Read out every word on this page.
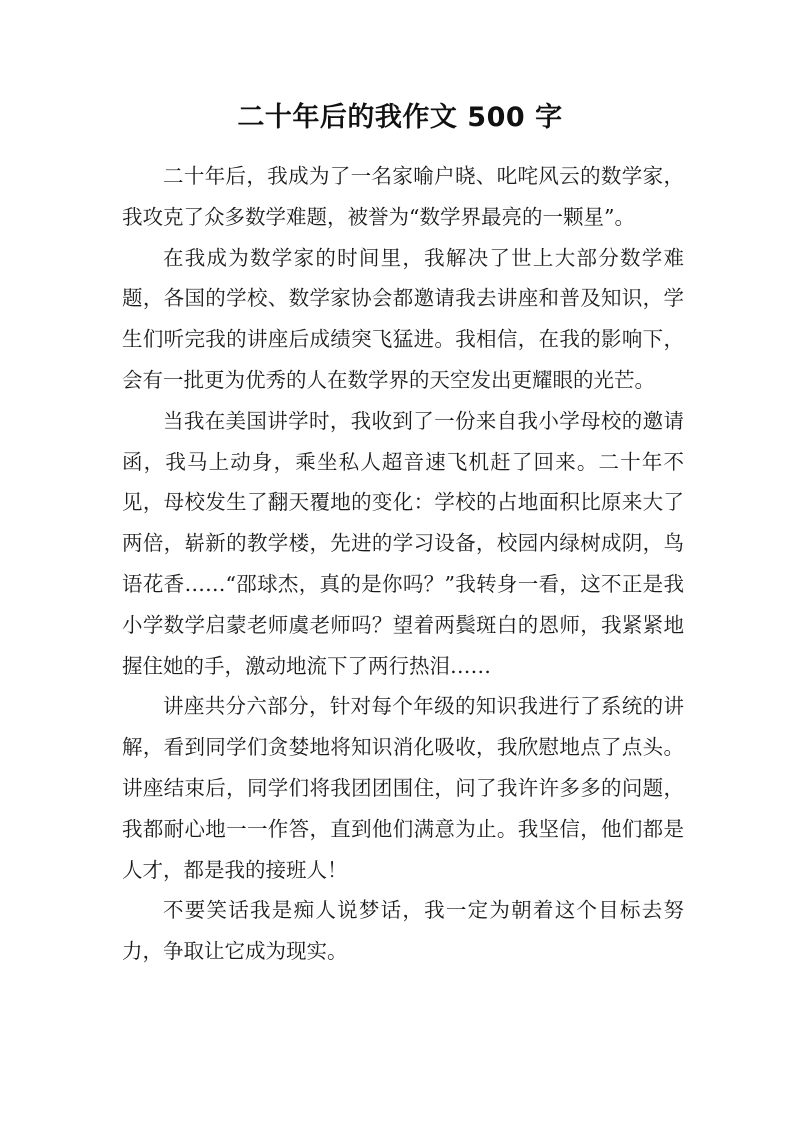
二十年后的我作文 500 字

二十年后，我成为了一名家喻户晓、叱咤风云的数学家，我攻克了众多数学难题，被誉为“数学界最亮的一颗星”。

在我成为数学家的时间里，我解决了世上大部分数学难题，各国的学校、数学家协会都邀请我去讲座和普及知识，学生们听完我的讲座后成绩突飞猛进。我相信，在我的影响下，会有一批更为优秀的人在数学界的天空发出更耀眼的光芒。

当我在美国讲学时，我收到了一份来自我小学母校的邀请函，我马上动身，乘坐私人超音速飞机赶了回来。二十年不见，母校发生了翻天覆地的变化：学校的占地面积比原来大了两倍，崭新的教学楼，先进的学习设备，校园内绿树成阴，鸟语花香……“邵球杰，真的是你吗？”我转身一看，这不正是我小学数学启蒙老师虞老师吗？望着两鬓斑白的恩师，我紧紧地握住她的手，激动地流下了两行热泪……

讲座共分六部分，针对每个年级的知识我进行了系统的讲解，看到同学们贪婪地将知识消化吸收，我欣慰地点了点头。讲座结束后，同学们将我团团围住，问了我许许多多的问题，我都耐心地一一作答，直到他们满意为止。我坚信，他们都是人才，都是我的接班人！

不要笑话我是痴人说梦话，我一定为朝着这个目标去努力，争取让它成为现实。
